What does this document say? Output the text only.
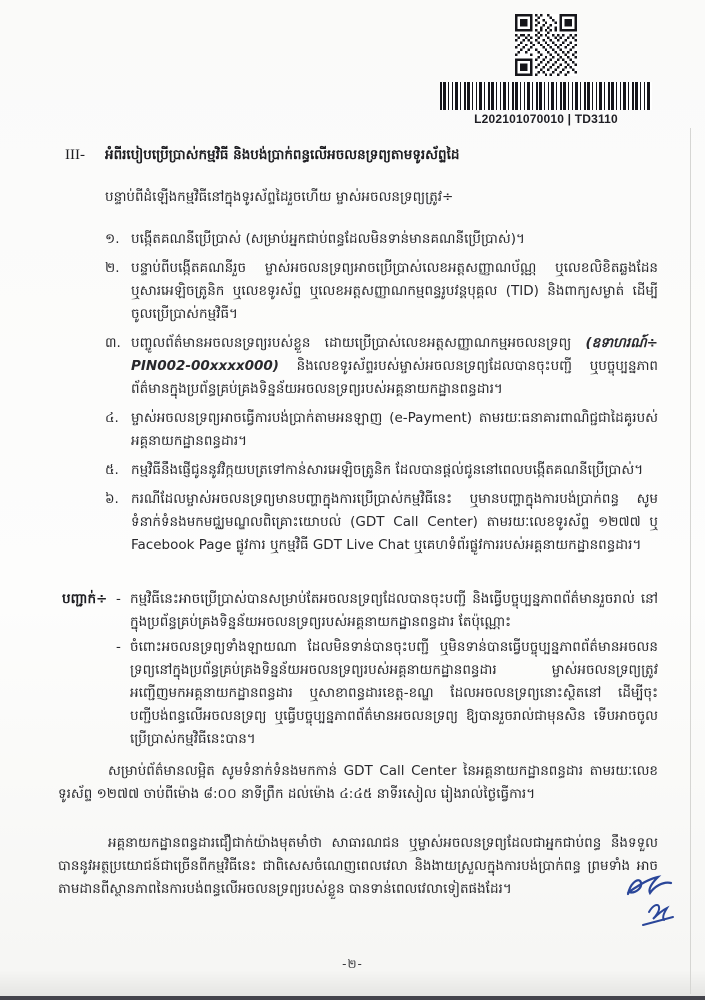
L202101070010 | TD3110
III-	អំពីរបៀបប្រើប្រាស់កម្មវិធី និងបង់ប្រាក់ពន្ធលើអចលនទ្រព្យតាមទូរស័ព្ទដៃ

បន្ទាប់ពីដំឡើងកម្មវិធីនៅក្នុងទូរស័ព្ទដៃរួចហើយ ម្ចាស់អចលនទ្រព្យត្រូវ÷

១. បង្កើតគណនីប្រើប្រាស់ (សម្រាប់អ្នកជាប់ពន្ធដែលមិនទាន់មានគណនីប្រើប្រាស់)។
២. បន្ទាប់ពីបង្កើតគណនីរួច ម្ចាស់អចលនទ្រព្យអាចប្រើប្រាស់លេខអត្តសញ្ញាណប័ណ្ណ ឬលេខលិខិតឆ្លងដែន ឬសារអេឡិចត្រូនិក ឬលេខទូរស័ព្ទ ឬលេខអត្តសញ្ញាណកម្មពន្ធរូបវន្តបុគ្គល (TID) និងពាក្យសម្ងាត់ ដើម្បីចូលប្រើប្រាស់កម្មវិធី។
៣. បញ្ចូលព័ត៌មានអចលនទ្រព្យរបស់ខ្លួន ដោយប្រើប្រាស់លេខអត្តសញ្ញាណកម្មអចលនទ្រព្យ (ឧទាហរណ៍÷ PIN002-00xxxx000) និងលេខទូរស័ព្ទរបស់ម្ចាស់អចលនទ្រព្យដែលបានចុះបញ្ជី ឬបច្ចុប្បន្នភាពព័ត៌មានក្នុងប្រព័ន្ធគ្រប់គ្រងទិន្នន័យអចលនទ្រព្យរបស់អគ្គនាយកដ្ឋានពន្ធដារ។
៤. ម្ចាស់អចលនទ្រព្យអាចធ្វើការបង់ប្រាក់តាមអនឡាញ (e-Payment) តាមរយៈធនាគារពាណិជ្ជជាដៃគូរបស់អគ្គនាយកដ្ឋានពន្ធដារ។
៥. កម្មវិធីនឹងផ្ញើជូននូវវិក្កយបត្រទៅកាន់សារអេឡិចត្រូនិក ដែលបានផ្តល់ជូននៅពេលបង្កើតគណនីប្រើប្រាស់។
៦. ករណីដែលម្ចាស់អចលនទ្រព្យមានបញ្ហាក្នុងការប្រើប្រាស់កម្មវិធីនេះ ឬមានបញ្ហាក្នុងការបង់ប្រាក់ពន្ធ សូមទំនាក់ទំនងមកមជ្ឈមណ្ឌលពិគ្រោះយោបល់ (GDT Call Center) តាមរយៈលេខទូរស័ព្ទ ១២៧៧ ឬ Facebook Page ផ្លូវការ ឬកម្មវិធី GDT Live Chat ឬគេហទំព័រផ្លូវការរបស់អគ្គនាយកដ្ឋានពន្ធដារ។
បញ្ជាក់÷ - កម្មវិធីនេះអាចប្រើប្រាស់បានសម្រាប់តែអចលនទ្រព្យដែលបានចុះបញ្ជី និងធ្វើបច្ចុប្បន្នភាពព័ត៌មានរួចរាល់ នៅក្នុងប្រព័ន្ធគ្រប់គ្រងទិន្នន័យអចលនទ្រព្យរបស់អគ្គនាយកដ្ឋានពន្ធដារ តែប៉ុណ្ណោះ
- ចំពោះអចលនទ្រព្យទាំងឡាយណា ដែលមិនទាន់បានចុះបញ្ជី ឬមិនទាន់បានធ្វើបច្ចុប្បន្នភាពព័ត៌មានអចលនទ្រព្យនៅក្នុងប្រព័ន្ធគ្រប់គ្រងទិន្នន័យអចលនទ្រព្យរបស់អគ្គនាយកដ្ឋានពន្ធដារ ម្ចាស់អចលនទ្រព្យត្រូវអញ្ជើញមកអគ្គនាយកដ្ឋានពន្ធដារ ឬសាខាពន្ធដារខេត្ត-ខណ្ឌ ដែលអចលនទ្រព្យនោះស្ថិតនៅ ដើម្បីចុះបញ្ជីបង់ពន្ធលើអចលនទ្រព្យ ឬធ្វើបច្ចុប្បន្នភាពព័ត៌មានអចលនទ្រព្យ ឱ្យបានរួចរាល់ជាមុនសិន ទើបអាចចូលប្រើប្រាស់កម្មវិធីនេះបាន។

សម្រាប់ព័ត៌មានលម្អិត សូមទំនាក់ទំនងមកកាន់ GDT Call Center នៃអគ្គនាយកដ្ឋានពន្ធដារ តាមរយៈលេខទូរស័ព្ទ ១២៧៧ ចាប់ពីម៉ោង ៨:០០ នាទីព្រឹក ដល់ម៉ោង ៤:៤៥ នាទីរសៀល រៀងរាល់ថ្ងៃធ្វើការ។

អគ្គនាយកដ្ឋានពន្ធដារជឿជាក់យ៉ាងមុតមាំថា សាធារណជន ឬម្ចាស់អចលនទ្រព្យដែលជាអ្នកជាប់ពន្ធ នឹងទទួលបាននូវអត្ថប្រយោជន៍ជាច្រើនពីកម្មវិធីនេះ ជាពិសេសចំណេញពេលវេលា និងងាយស្រួលក្នុងការបង់ប្រាក់ពន្ធ ព្រមទាំង អាចតាមដានពីស្ថានភាពនៃការបង់ពន្ធលើអចលនទ្រព្យរបស់ខ្លួន បានទាន់ពេលវេលាទៀតផងដែរ។

-២-
